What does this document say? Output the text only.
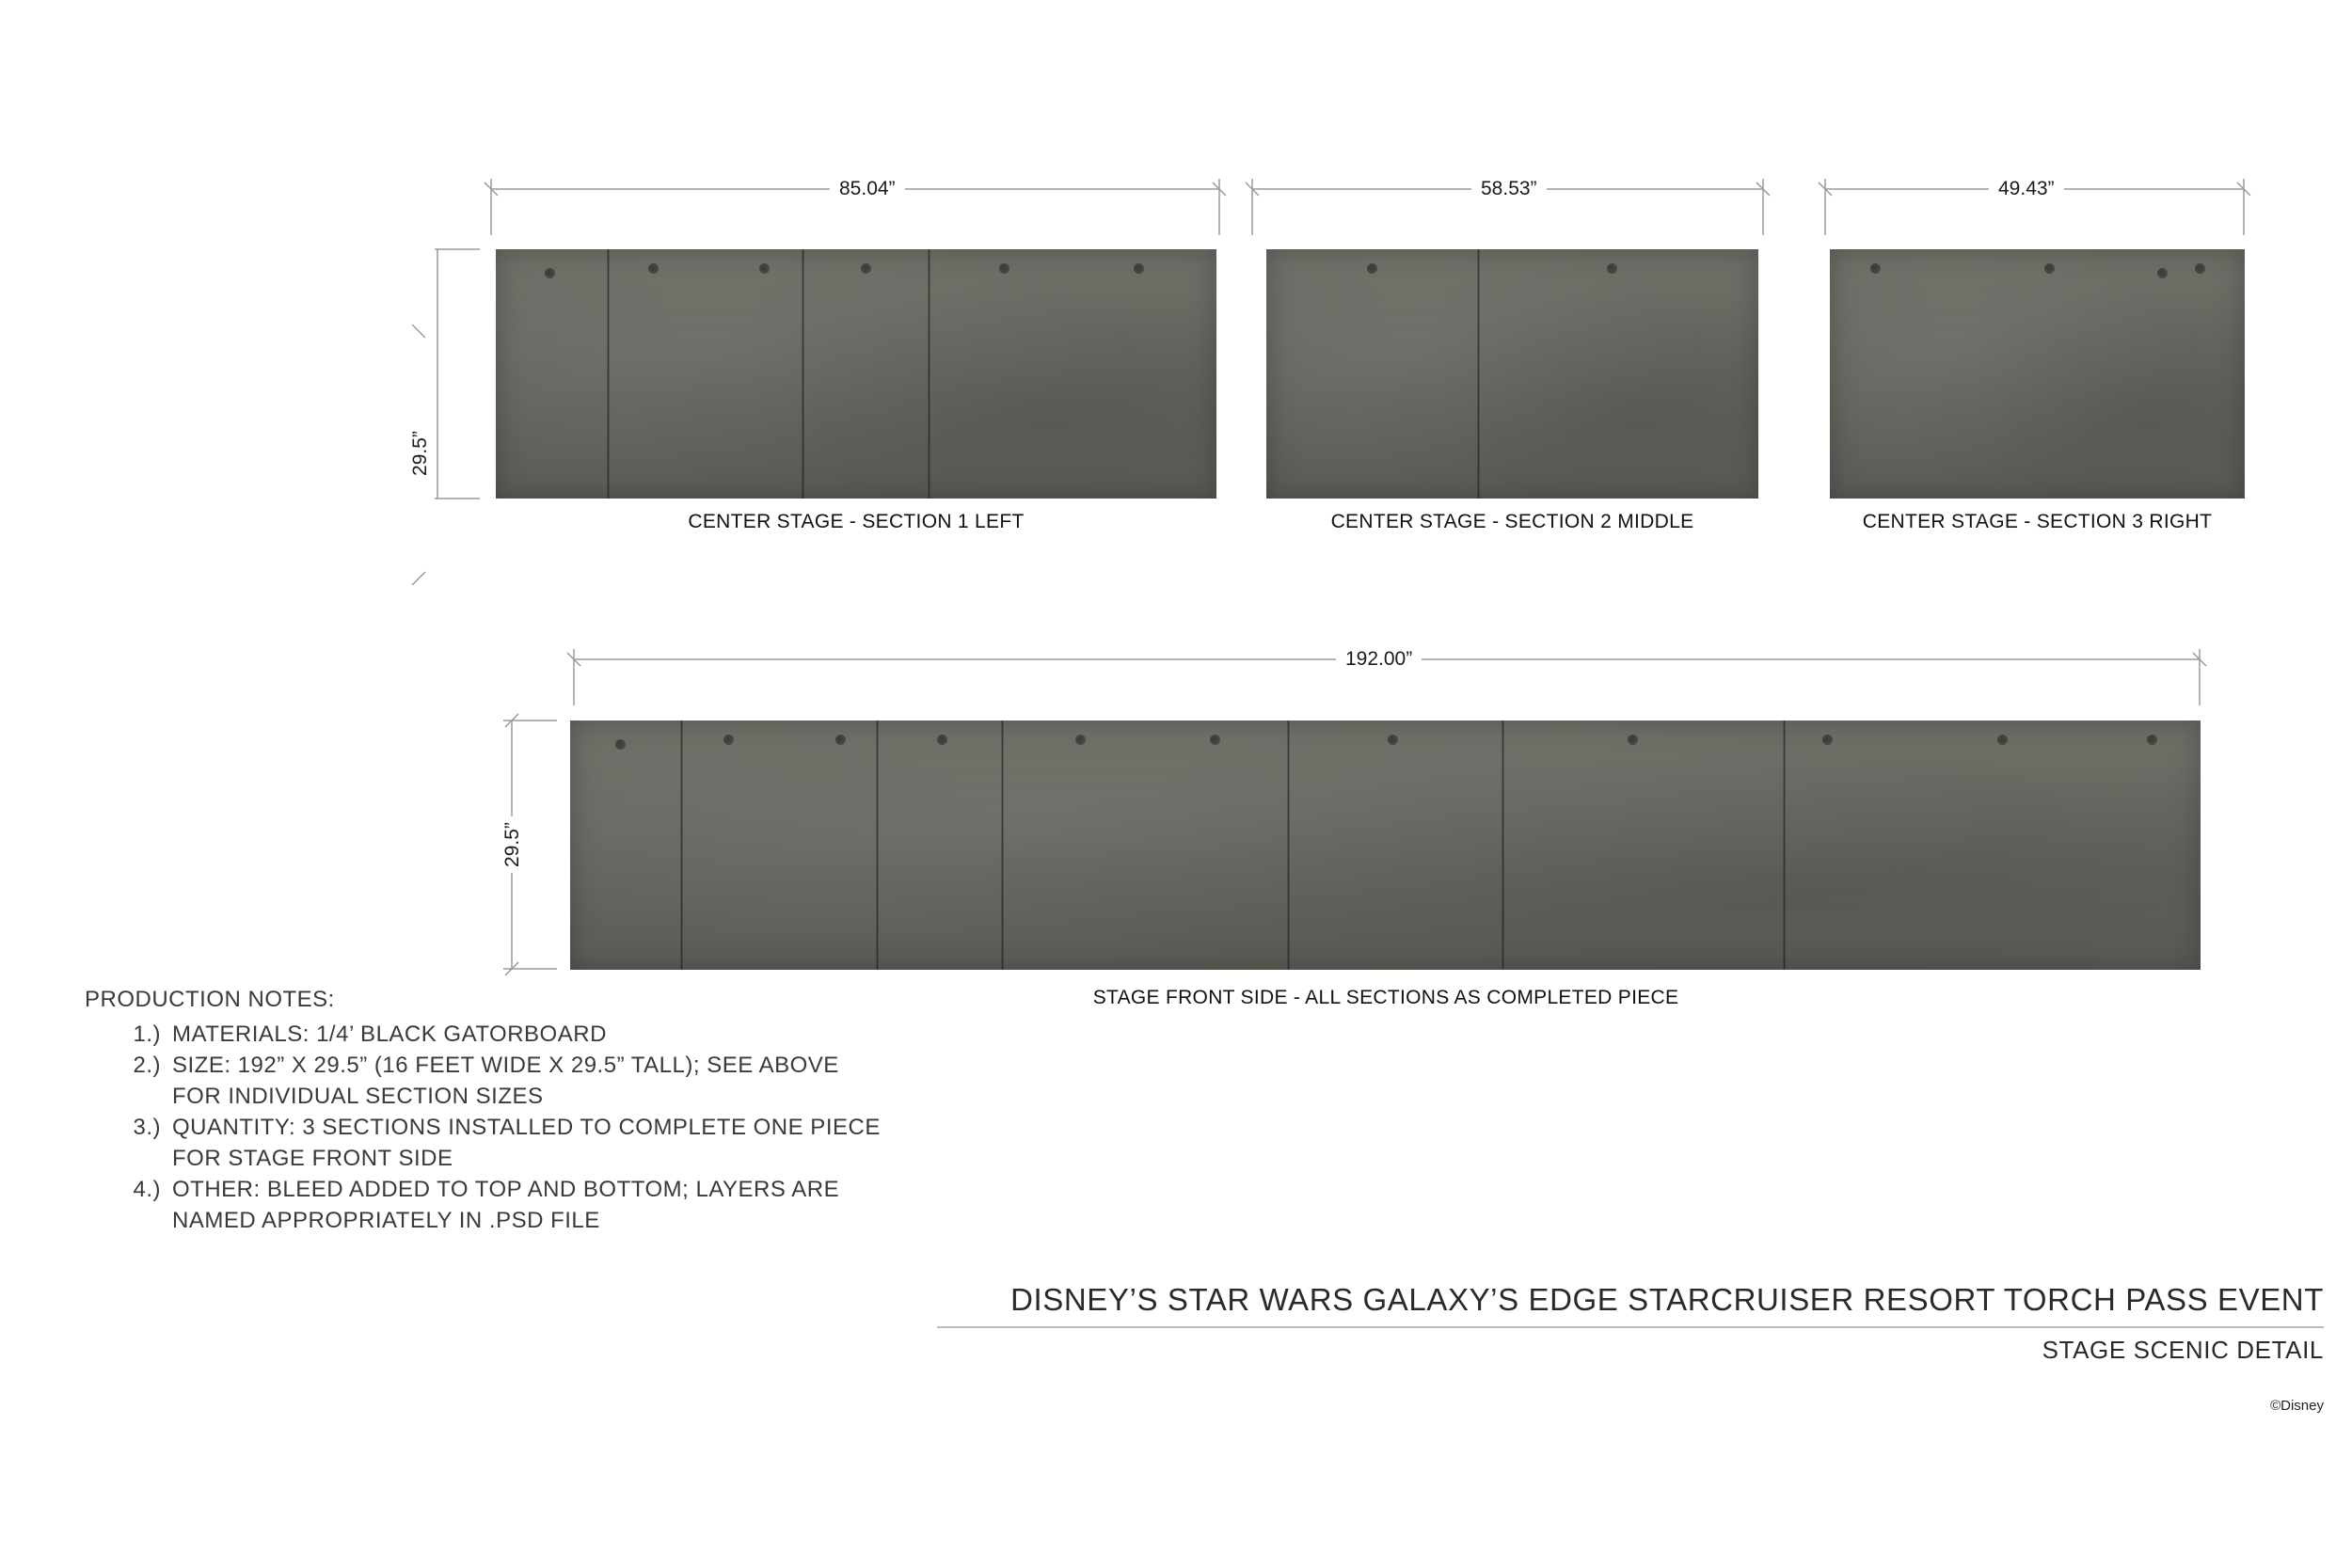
85.04”	58.53”	49.43”
29.5”
192.00”
29.5”
CENTER STAGE - SECTION 1 LEFT	CENTER STAGE - SECTION 2 MIDDLE	CENTER STAGE - SECTION 3 RIGHT
STAGE FRONT SIDE - ALL SECTIONS AS COMPLETED PIECE
PRODUCTION NOTES:
1.) MATERIALS: 1/4’ BLACK GATORBOARD
2.) SIZE: 192” X 29.5” (16 FEET WIDE X 29.5” TALL); SEE ABOVE FOR INDIVIDUAL SECTION SIZES
3.) QUANTITY: 3 SECTIONS INSTALLED TO COMPLETE ONE PIECE FOR STAGE FRONT SIDE
4.) OTHER: BLEED ADDED TO TOP AND BOTTOM; LAYERS ARE NAMED APPROPRIATELY IN .PSD FILE
DISNEY’S STAR WARS GALAXY’S EDGE STARCRUISER RESORT TORCH PASS EVENT
STAGE SCENIC DETAIL
©Disney
